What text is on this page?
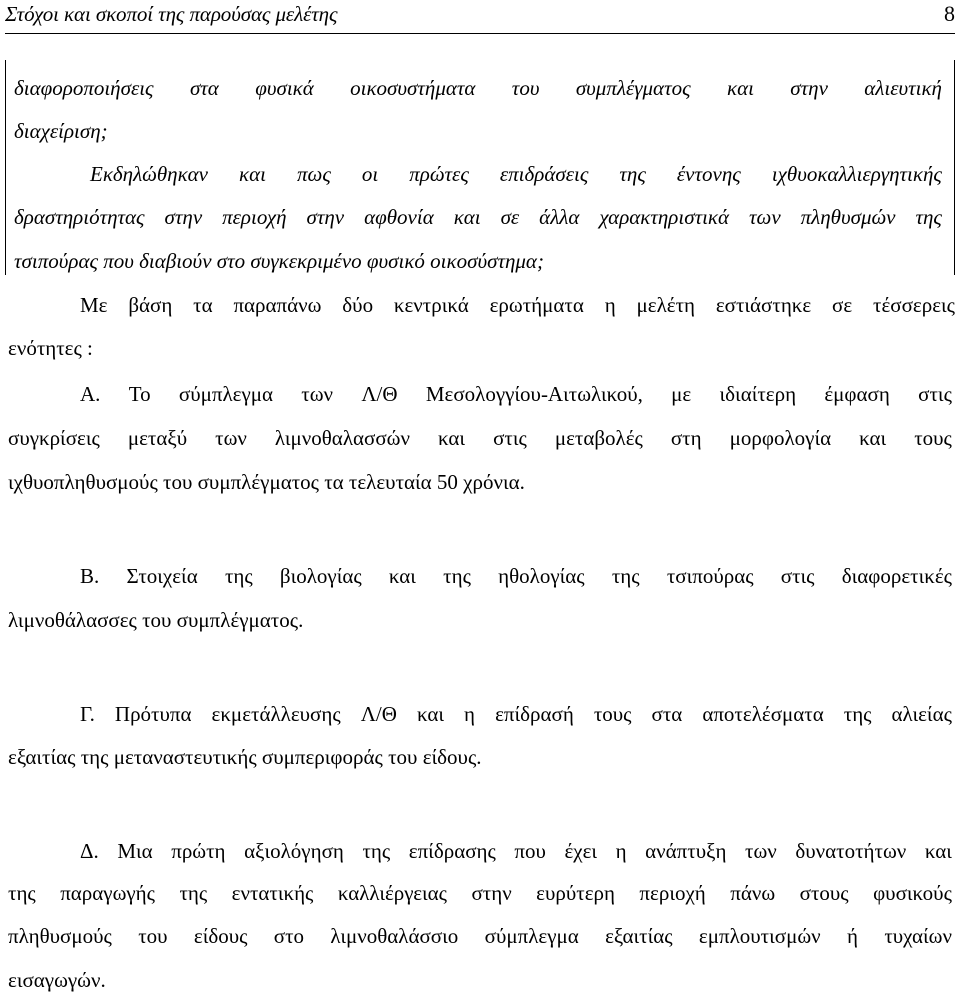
Στόχοι και σκοποί της παρούσας μελέτης	8
διαφοροποιήσεις στα φυσικά οικοσυστήματα του συμπλέγματος και στην αλιευτική
διαχείριση;
Εκδηλώθηκαν και πως οι πρώτες επιδράσεις της έντονης ιχθυοκαλλιεργητικής
δραστηριότητας στην περιοχή στην αφθονία και σε άλλα χαρακτηριστικά των πληθυσμών της
τσιπούρας που διαβιούν στο συγκεκριμένο φυσικό οικοσύστημα;
Με βάση τα παραπάνω δύο κεντρικά ερωτήματα η μελέτη εστιάστηκε σε τέσσερεις
ενότητες :
Α. Το σύμπλεγμα των Λ/Θ Μεσολογγίου-Αιτωλικού, με ιδιαίτερη έμφαση στις
συγκρίσεις μεταξύ των λιμνοθαλασσών και στις μεταβολές στη μορφολογία και τους
ιχθυοπληθυσμούς του συμπλέγματος τα τελευταία 50 χρόνια.
Β. Στοιχεία της βιολογίας και της ηθολογίας της τσιπούρας στις διαφορετικές
λιμνοθάλασσες του συμπλέγματος.
Γ. Πρότυπα εκμετάλλευσης Λ/Θ και η επίδρασή τους στα αποτελέσματα της αλιείας
εξαιτίας της μεταναστευτικής συμπεριφοράς του είδους.
Δ. Μια πρώτη αξιολόγηση της επίδρασης που έχει η ανάπτυξη των δυνατοτήτων και
της παραγωγής της εντατικής καλλιέργειας στην ευρύτερη περιοχή πάνω στους φυσικούς
πληθυσμούς του είδους στο λιμνοθαλάσσιο σύμπλεγμα εξαιτίας εμπλουτισμών ή τυχαίων
εισαγωγών.
